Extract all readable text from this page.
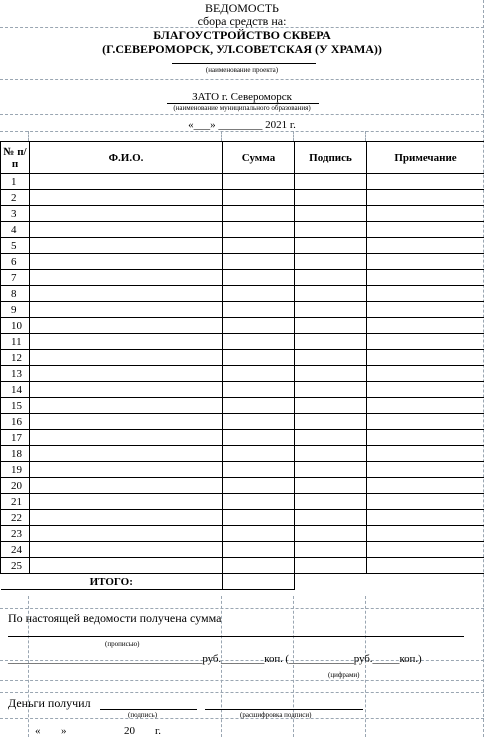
ВЕДОМОСТЬ
сбора средств на:
БЛАГОУСТРОЙСТВО СКВЕРА
(Г.СЕВЕРОМОРСК, УЛ.СОВЕТСКАЯ (У ХРАМА))
(наименование проекта)
ЗАТО г. Североморск
(наименование муниципального образования)
«___» ________ 2021 г.
№ п/п	Ф.И.О.	Сумма	Подпись	Примечание
1				
2				
3				
4				
5				
6				
7				
8				
9				
10				
11				
12				
13				
14				
15				
16				
17				
18				
19				
20				
21				
22				
23				
24				
25				
ИТОГО:				
По настоящей ведомости получена сумма
(прописью)
____________________________________руб.________коп. (____________руб._____коп.)
(цифрами)
Деньги получил
(подпись)	(расшифровка подписи)
« »	20 г.
